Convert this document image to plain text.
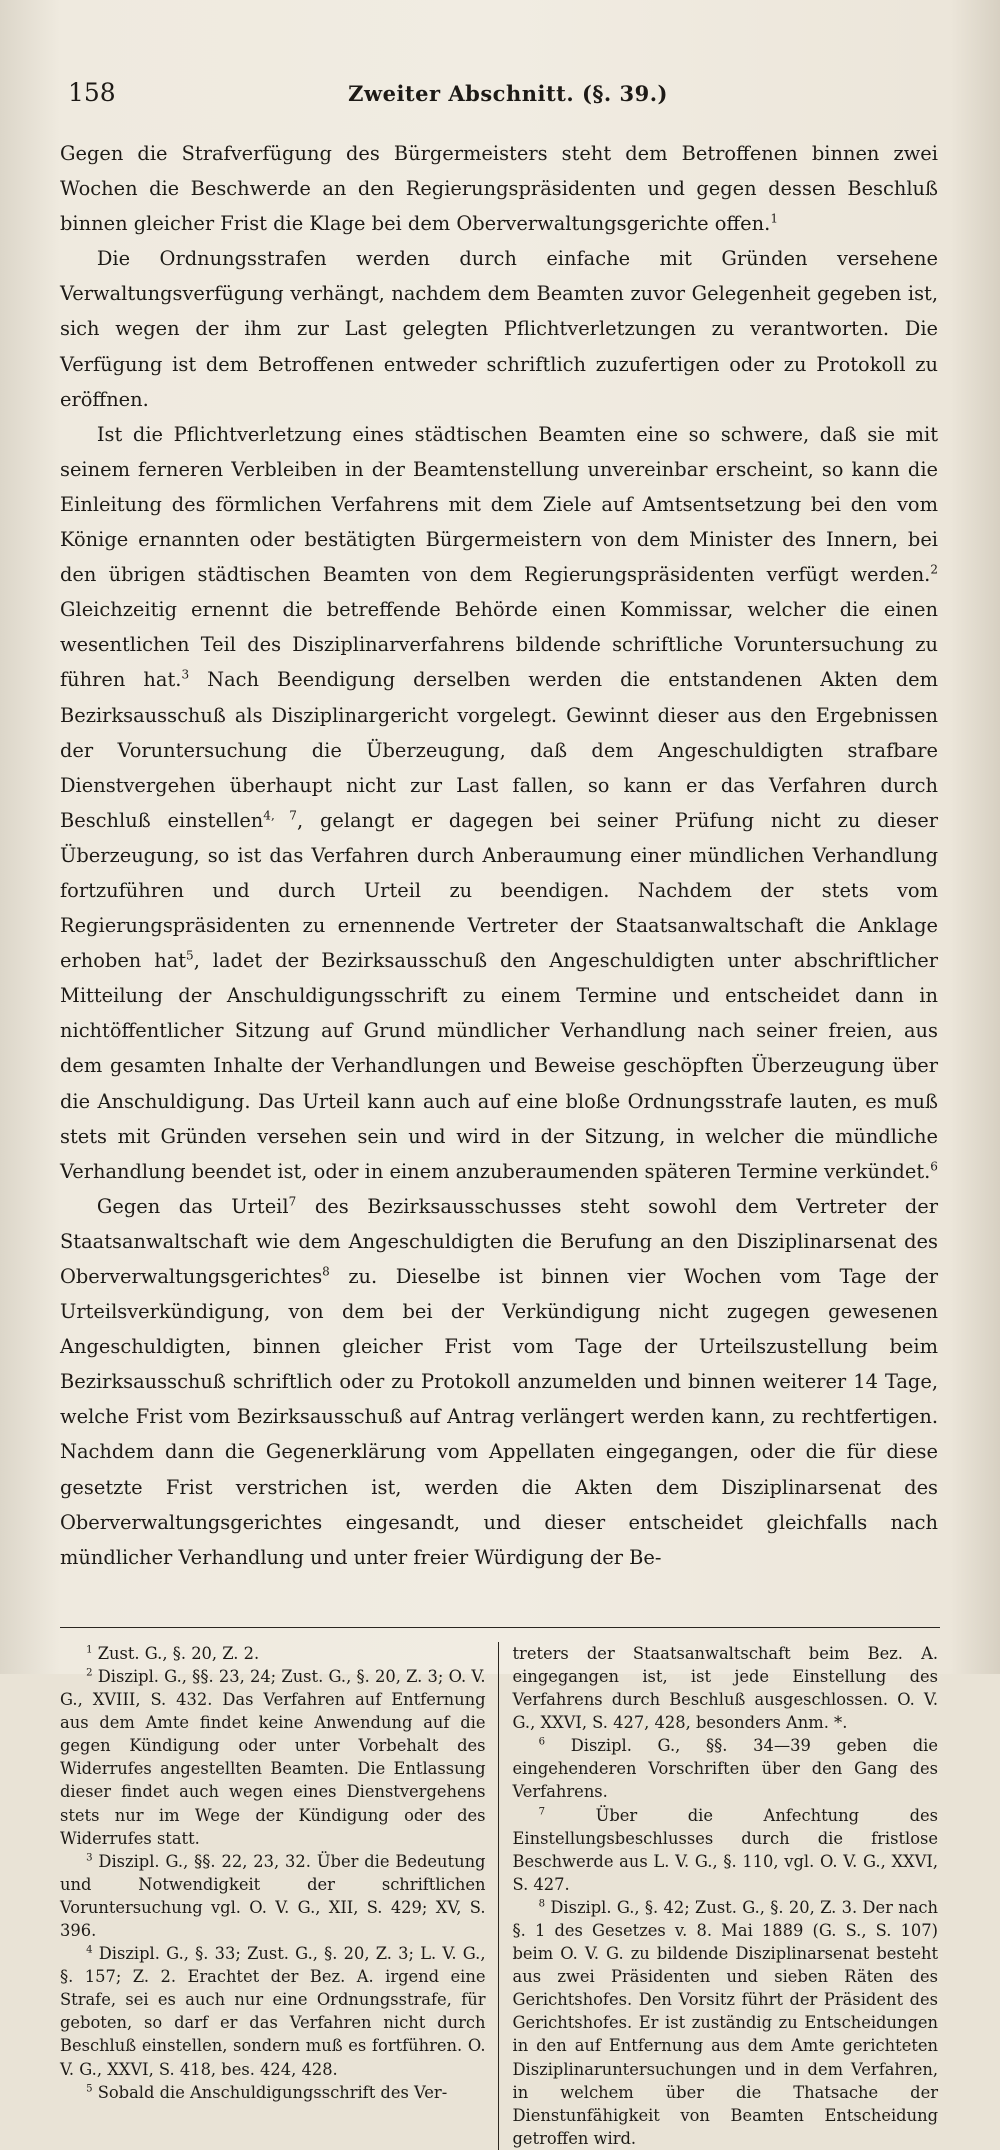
158	Zweiter Abschnitt. (§. 39.)

Gegen die Strafverfügung des Bürgermeisters steht dem Betroffenen binnen zwei Wochen die Beschwerde an den Regierungspräsidenten und gegen dessen Beschluß binnen gleicher Frist die Klage bei dem Oberverwaltungsgerichte offen.$^1$

Die Ordnungsstrafen werden durch einfache mit Gründen versehene Verwaltungsverfügung verhängt, nachdem dem Beamten zuvor Gelegenheit gegeben ist, sich wegen der ihm zur Last gelegten Pflichtverletzungen zu verantworten. Die Verfügung ist dem Betroffenen entweder schriftlich zuzufertigen oder zu Protokoll zu eröffnen.

Ist die Pflichtverletzung eines städtischen Beamten eine so schwere, daß sie mit seinem ferneren Verbleiben in der Beamtenstellung unvereinbar erscheint, so kann die Einleitung des förmlichen Verfahrens mit dem Ziele auf Amtsentsetzung bei den vom Könige ernannten oder bestätigten Bürgermeistern von dem Minister des Innern, bei den übrigen städtischen Beamten von dem Regierungspräsidenten verfügt werden.$^2$ Gleichzeitig ernennt die betreffende Behörde einen Kommissar, welcher die einen wesentlichen Teil des Disziplinarverfahrens bildende schriftliche Voruntersuchung zu führen hat.$^3$ Nach Beendigung derselben werden die entstandenen Akten dem Bezirksausschuß als Disziplinargericht vorgelegt. Gewinnt dieser aus den Ergebnissen der Voruntersuchung die Überzeugung, daß dem Angeschuldigten strafbare Dienstvergehen überhaupt nicht zur Last fallen, so kann er das Verfahren durch Beschluß einstellen$^{4, 7}$, gelangt er dagegen bei seiner Prüfung nicht zu dieser Überzeugung, so ist das Verfahren durch Anberaumung einer mündlichen Verhandlung fortzuführen und durch Urteil zu beendigen. Nachdem der stets vom Regierungspräsidenten zu ernennende Vertreter der Staatsanwaltschaft die Anklage erhoben hat$^5$, ladet der Bezirksausschuß den Angeschuldigten unter abschriftlicher Mitteilung der Anschuldigungsschrift zu einem Termine und entscheidet dann in nichtöffentlicher Sitzung auf Grund mündlicher Verhandlung nach seiner freien, aus dem gesamten Inhalte der Verhandlungen und Beweise geschöpften Überzeugung über die Anschuldigung. Das Urteil kann auch auf eine bloße Ordnungsstrafe lauten, es muß stets mit Gründen versehen sein und wird in der Sitzung, in welcher die mündliche Verhandlung beendet ist, oder in einem anzuberaumenden späteren Termine verkündet.$^6$

Gegen das Urteil$^7$ des Bezirksausschusses steht sowohl dem Vertreter der Staatsanwaltschaft wie dem Angeschuldigten die Berufung an den Disziplinarsenat des Oberverwaltungsgerichtes$^8$ zu. Dieselbe ist binnen vier Wochen vom Tage der Urteilsverkündigung, von dem bei der Verkündigung nicht zugegen gewesenen Angeschuldigten, binnen gleicher Frist vom Tage der Urteilszustellung beim Bezirksausschuß schriftlich oder zu Protokoll anzumelden und binnen weiterer 14 Tage, welche Frist vom Bezirksausschuß auf Antrag verlängert werden kann, zu rechtfertigen. Nachdem dann die Gegenerklärung vom Appellaten eingegangen, oder die für diese gesetzte Frist verstrichen ist, werden die Akten dem Disziplinarsenat des Oberverwaltungsgerichtes eingesandt, und dieser entscheidet gleichfalls nach mündlicher Verhandlung und unter freier Würdigung der Be-

$^1$ Zust. G., §. 20, Z. 2.

$^2$ Diszipl. G., §§. 23, 24; Zust. G., §. 20, Z. 3; O. V. G., XVIII, S. 432. Das Verfahren auf Entfernung aus dem Amte findet keine Anwendung auf die gegen Kündigung oder unter Vorbehalt des Widerrufes angestellten Beamten. Die Entlassung dieser findet auch wegen eines Dienstvergehens stets nur im Wege der Kündigung oder des Widerrufes statt.

$^3$ Diszipl. G., §§. 22, 23, 32. Über die Bedeutung und Notwendigkeit der schriftlichen Voruntersuchung vgl. O. V. G., XII, S. 429; XV, S. 396.

$^4$ Diszipl. G., §. 33; Zust. G., §. 20, Z. 3; L. V. G., §. 157; Z. 2. Erachtet der Bez. A. irgend eine Strafe, sei es auch nur eine Ordnungsstrafe, für geboten, so darf er das Verfahren nicht durch Beschluß einstellen, sondern muß es fortführen. O. V. G., XXVI, S. 418, bes. 424, 428.

$^5$ Sobald die Anschuldigungsschrift des Ver-

treters der Staatsanwaltschaft beim Bez. A. eingegangen ist, ist jede Einstellung des Verfahrens durch Beschluß ausgeschlossen. O. V. G., XXVI, S. 427, 428, besonders Anm. *.

$^6$ Diszipl. G., §§. 34—39 geben die eingehenderen Vorschriften über den Gang des Verfahrens.

$^7$	Über die Anfechtung des Einstellungsbeschlusses durch die fristlose Beschwerde aus L. V. G., §. 110, vgl. O. V. G., XXVI, S. 427.

$^8$ Diszipl. G., §. 42; Zust. G., §. 20, Z. 3. Der nach §. 1 des Gesetzes v. 8. Mai 1889 (G. S., S. 107) beim O. V. G. zu bildende Disziplinarsenat besteht aus zwei Präsidenten und sieben Räten des Gerichtshofes. Den Vorsitz führt der Präsident des Gerichtshofes. Er ist zuständig zu Entscheidungen in den auf Entfernung aus dem Amte gerichteten Disziplinaruntersuchungen und in dem Verfahren, in welchem über die Thatsache der Dienstunfähigkeit von Beamten Entscheidung getroffen wird.
